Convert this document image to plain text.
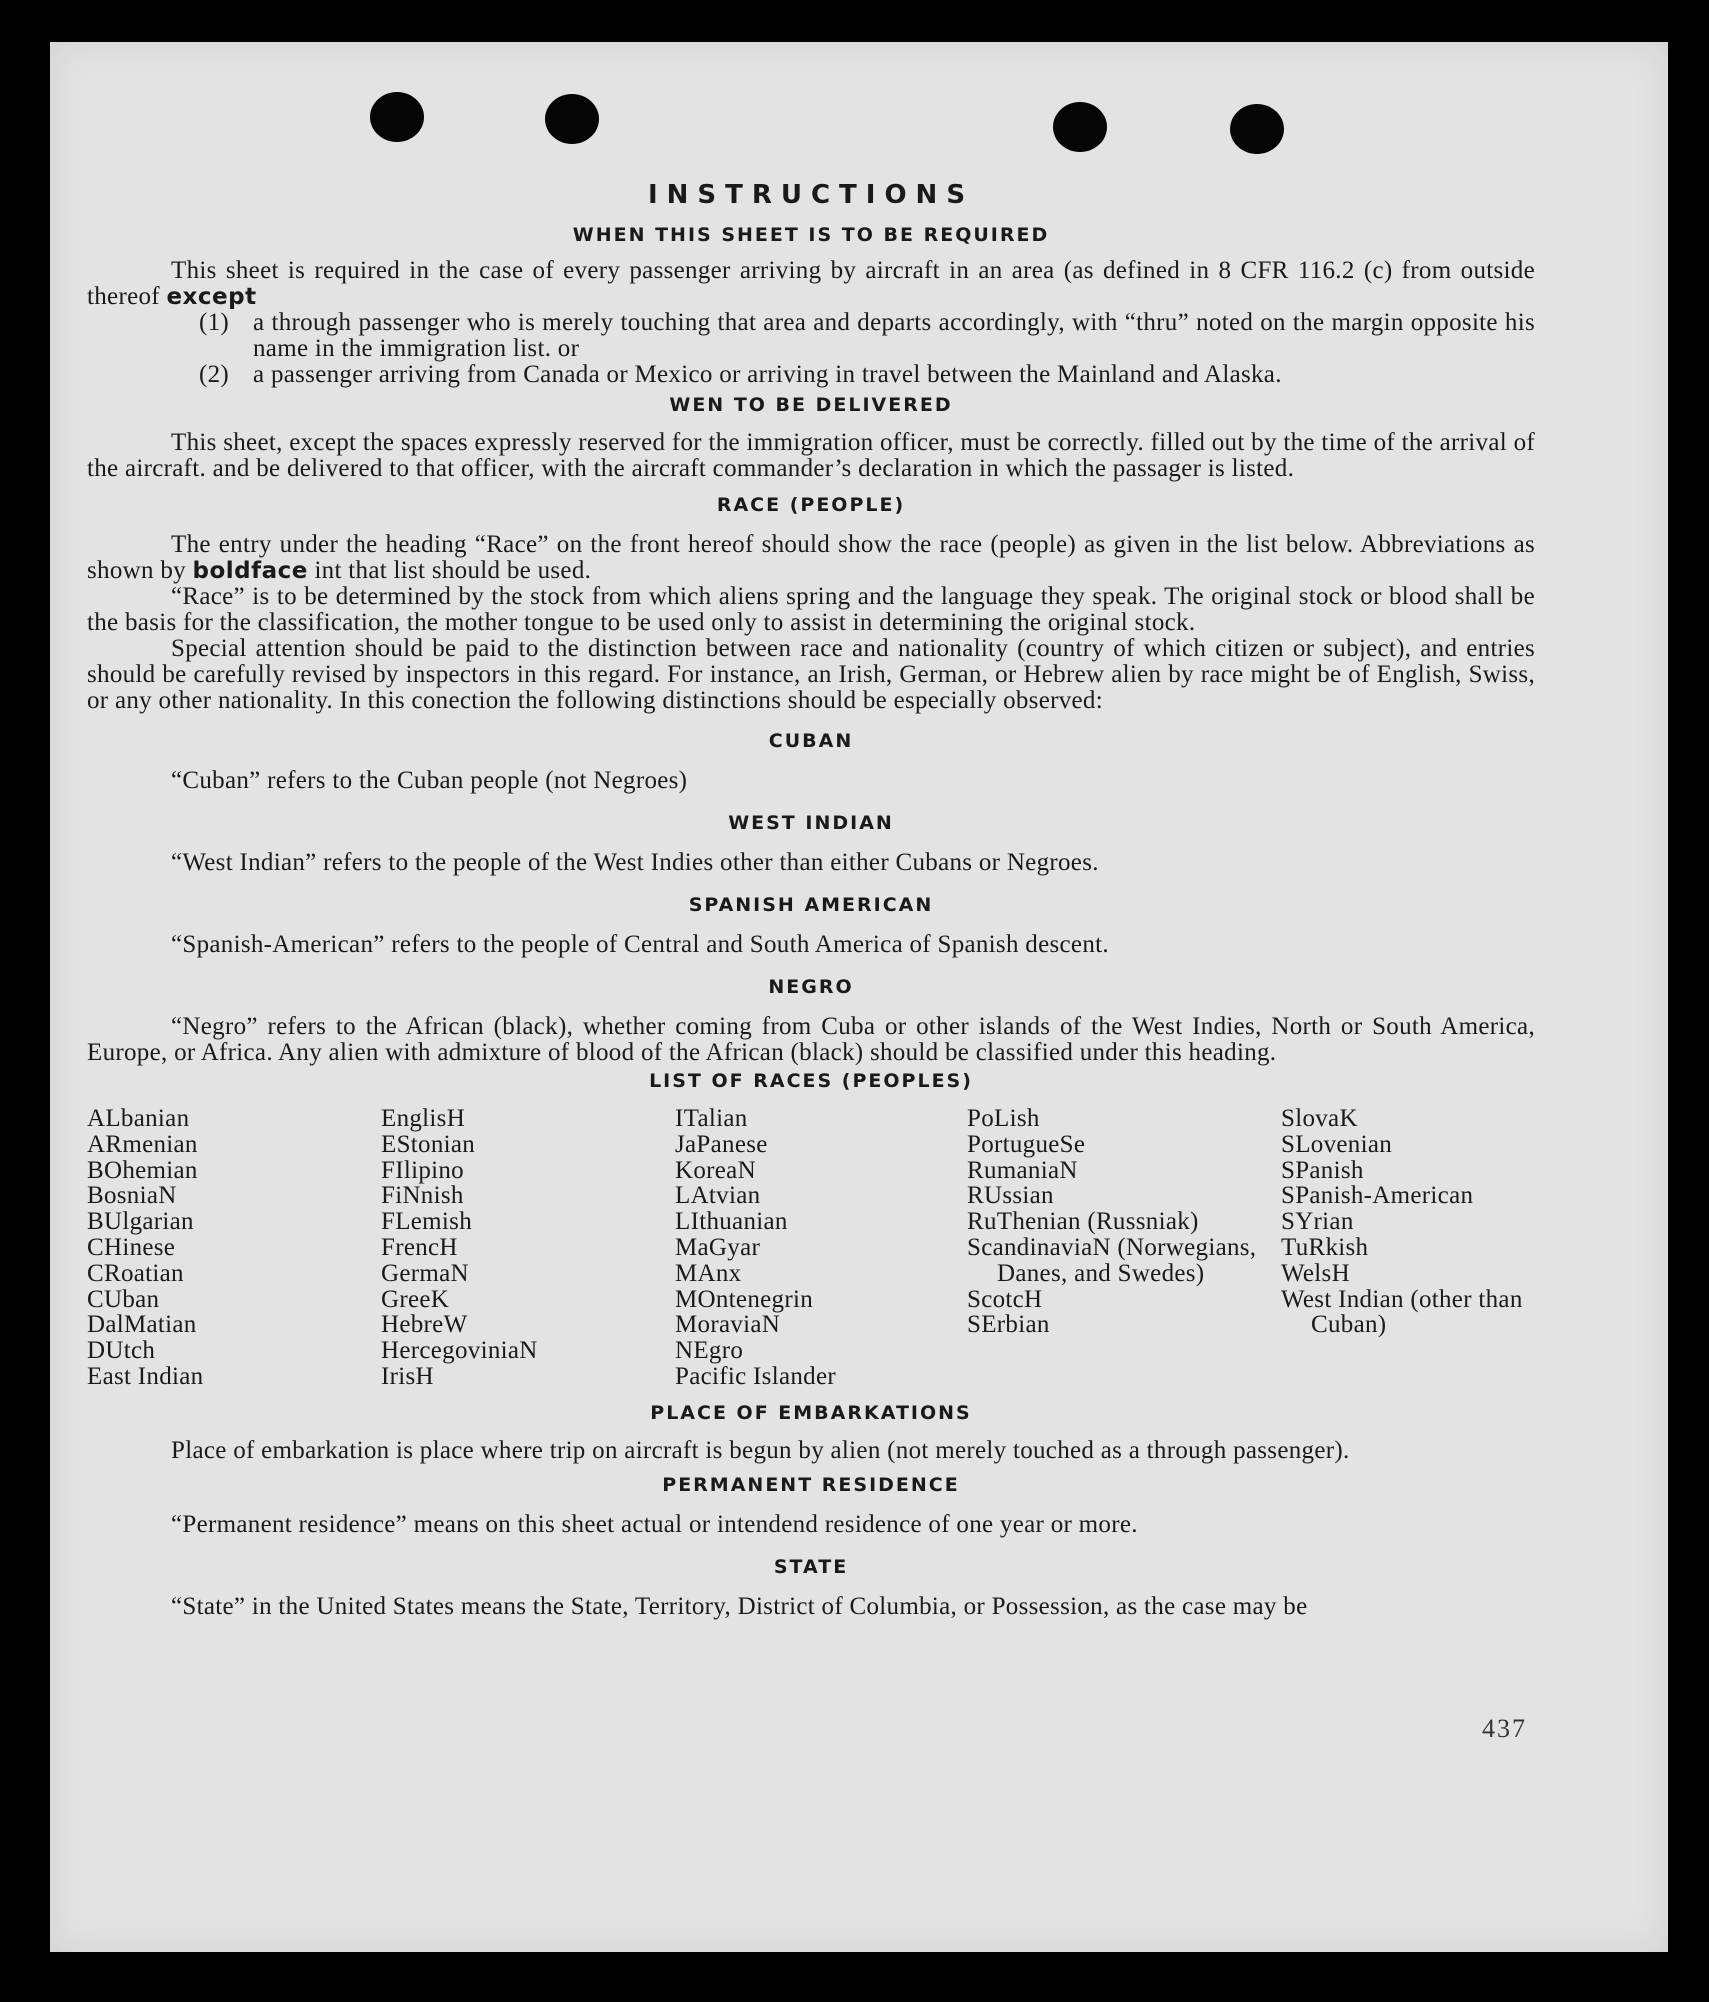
INSTRUCTIONS
WHEN THIS SHEET IS TO BE REQUIRED

This sheet is required in the case of every passenger arriving by aircraft in an area (as defined in 8 CFR 116.2 (c) from outside thereof except

(1) a through passenger who is merely touching that area and departs accordingly, with “thru” noted on the margin opposite his name in the immigration list. or
(2) a passenger arriving from Canada or Mexico or arriving in travel between the Mainland and Alaska.
WEN TO BE DELIVERED

This sheet, except the spaces expressly reserved for the immigration officer, must be correctly. filled out by the time of the arrival of the aircraft. and be delivered to that officer, with the aircraft commander’s declaration in which the passager is listed.

RACE (PEOPLE)

The entry under the heading “Race” on the front hereof should show the race (people) as given in the list below. Abbreviations as shown by boldface int that list should be used.

“Race” is to be determined by the stock from which aliens spring and the language they speak. The original stock or blood shall be the basis for the classification, the mother tongue to be used only to assist in determining the original stock.

Special attention should be paid to the distinction between race and nationality (country of which citizen or subject), and entries should be carefully revised by inspectors in this regard. For instance, an Irish, German, or Hebrew alien by race might be of English, Swiss, or any other nationality. In this conection the following distinctions should be especially observed:

CUBAN

“Cuban” refers to the Cuban people (not Negroes)

WEST INDIAN

“West Indian” refers to the people of the West Indies other than either Cubans or Negroes.

SPANISH AMERICAN

“Spanish-American” refers to the people of Central and South America of Spanish descent.

NEGRO

“Negro” refers to the African (black), whether coming from Cuba or other islands of the West Indies, North or South America, Europe, or Africa. Any alien with admixture of blood of the African (black) should be classified under this heading.

LIST OF RACES (PEOPLES)
ALbanian
ARmenian
BOhemian
BosniaN
BUlgarian
CHinese
CRoatian
CUban
DalMatian
DUtch
East Indian
EnglisH
EStonian
FIlipino
FiNnish
FLemish
FrencH
GermaN
GreeK
HebreW
HercegoviniaN
IrisH
ITalian
JaPanese
KoreaN
LAtvian
LIthuanian
MaGyar
MAnx
MOntenegrin
MoraviaN
NEgro
Pacific Islander
PoLish
PortugueSe
RumaniaN
RUssian
RuThenian (Russniak)
ScandinaviaN (Norwegians, Danes, and Swedes)
ScotcH
SErbian
SlovaK
SLovenian
SPanish
SPanish-American
SYrian
TuRkish
WelsH
West Indian (other than Cuban)
PLACE OF EMBARKATIONS

Place of embarkation is place where trip on aircraft is begun by alien (not merely touched as a through passenger).

PERMANENT RESIDENCE

“Permanent residence” means on this sheet actual or intendend residence of one year or more.

STATE

“State” in the United States means the State, Territory, District of Columbia, or Possession, as the case may be

437
